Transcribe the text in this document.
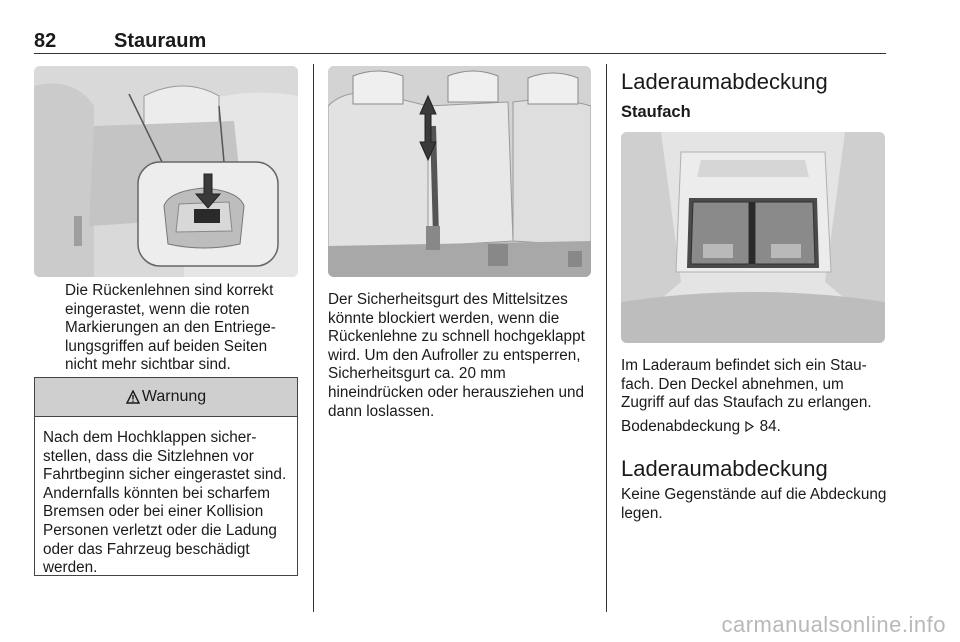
82	Stauraum
Die Rückenlehnen sind korrekt eingerastet, wenn die roten Markierungen an den Entriegelungsgriffen auf beiden Seiten nicht mehr sichtbar sind.
Warnung
Nach dem Hochklappen sicherstellen, dass die Sitzlehnen vor Fahrtbeginn sicher eingerastet sind. Andernfalls könnten bei scharfem Bremsen oder bei einer Kollision Personen verletzt oder die Ladung oder das Fahrzeug beschädigt werden.
Der Sicherheitsgurt des Mittelsitzes könnte blockiert werden, wenn die Rückenlehne zu schnell hochgeklappt wird. Um den Aufroller zu entsperren, Sicherheitsgurt ca. 20 mm hineindrücken oder herausziehen und dann loslassen.
Laderaumabdeckung
Staufach
Im Laderaum befindet sich ein Staufach. Den Deckel abnehmen, um Zugriff auf das Staufach zu erlangen.
Bodenabdeckung 84.
Laderaumabdeckung
Keine Gegenstände auf die Abdeckung legen.
carmanualsonline.info
